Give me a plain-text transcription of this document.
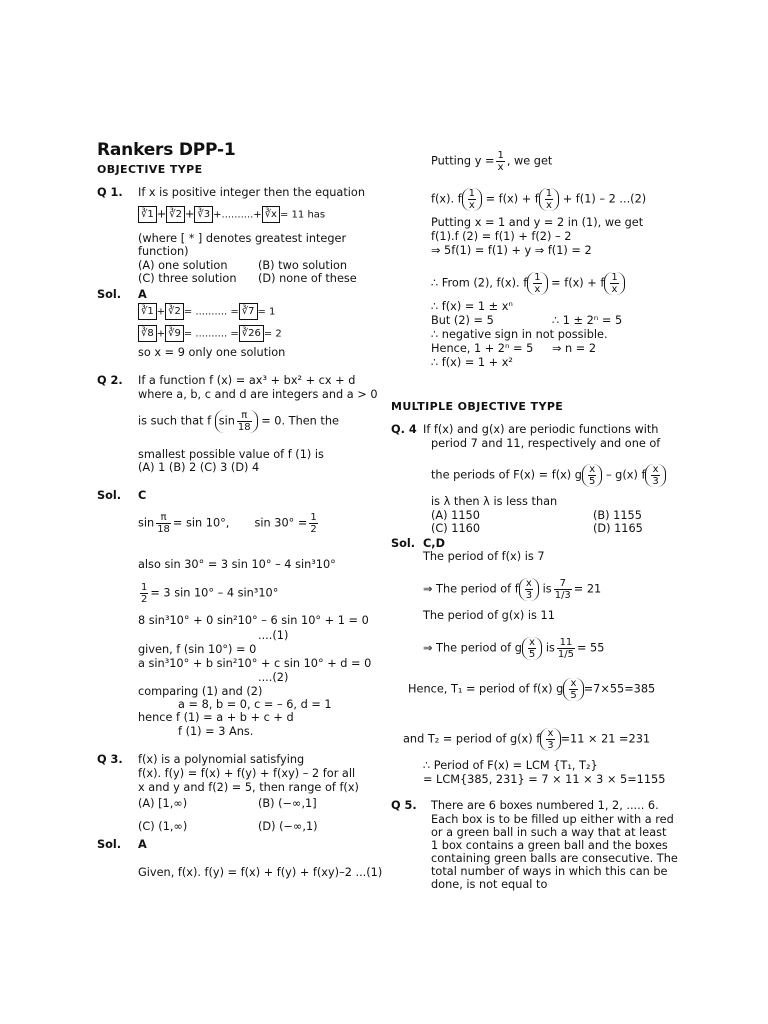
Rankers DPP-1
OBJECTIVE TYPE
Q 1. If x is positive integer then the equation
∛1 + ∛2 + ∛3 +..........+ ∛x = 11 has
(where [ * ] denotes greatest integer
function)
(A) one solution	(B) two solution
(C) three solution (D) none of these
Sol. A
∛1 + ∛2 = .......... = ∛7 = 1
∛8 + ∛9 = .......... = ∛26 = 2
so x = 9 only one solution
Q 2. If a function f (x) = ax³ + bx² + cx + d
where a, b, c and d are integers and a > 0
is such that f $\sin \frac{\pi}{18} = 0$. Then the
smallest possible value of f (1) is
(A) 1 (B) 2 (C) 3 (D) 4
Sol. C
$\sin \frac{\pi}{18} = \sin 10^\circ$, $\sin 30^\circ = \frac{1}{2}$
also sin 30° = 3 sin 10° – 4 sin³10°
$\frac{1}{2} = 3$ sin 10° – 4 sin³10°
8 sin³10° + 0 sin²10° – 6 sin 10° + 1 = 0
....(1)
given, f (sin 10°) = 0
a sin³10° + b sin²10° + c sin 10° + d = 0
....(2)
comparing (1) and (2)
a = 8, b = 0, c = – 6, d = 1
hence f (1) = a + b + c + d
f (1) = 3 Ans.
Q 3. f(x) is a polynomial satisfying
f(x). f(y) = f(x) + f(y) + f(xy) – 2 for all
x and y and f(2) = 5, then range of f(x)
(A) [1,∞)	(B) (−∞,1]
(C) (1,∞)	(D) (−∞,1)
Sol. A
Given, f(x). f(y) = f(x) + f(y) + f(xy)–2 ...(1)
Putting $y = \frac{1}{x}$ , we get
f(x). f $\frac{1}{x} = f(x) + f \frac{1}{x} + f(1) - 2$ ...(2)
Putting x = 1 and y = 2 in (1), we get
f(1).f (2) = f(1) + f(2) – 2
⇒ 5f(1) = f(1) + y ⇒ f(1) = 2
∴ From (2), f(x). f $\frac{1}{x} = f(x) + f \frac{1}{x}$
∴ f(x) = 1 ± xⁿ
But (2) = 5	∴ 1 ± 2ⁿ = 5
∴ negative sign in not possible.
Hence, 1 + 2ⁿ = 5 ⇒ n = 2
∴ f(x) = 1 + x²
MULTIPLE OBJECTIVE TYPE
Q. 4 If f(x) and g(x) are periodic functions with
period 7 and 11, respectively and one of
the periods of F(x) = f(x) g $\frac{x}{5} - g(x)$ f $\frac{x}{3}$
is λ then λ is less than
(A) 1150	(B) 1155
(C) 1160	(D) 1165
Sol. C,D
The period of f(x) is 7
⇒ The period of f $\frac{x}{3}$ is $\frac{7}{1/3} = 21$
The period of g(x) is 11
⇒ The period of g $\frac{x}{5}$ is $\frac{11}{1/5} = 55$
Hence, T₁ = period of f(x) g $\frac{x}{5} =7\times 55=385$
and T₂ = period of g(x) f $\frac{x}{3} =11 \times 21 =231$
∴ Period of F(x) = LCM {T₁, T₂}
= LCM{385, 231} = 7 × 11 × 3 × 5=1155
Q 5. There are 6 boxes numbered 1, 2, ..... 6.
Each box is to be filled up either with a red
or a green ball in such a way that at least
1 box contains a green ball and the boxes
containing green balls are consecutive. The
total number of ways in which this can be
done, is not equal to
